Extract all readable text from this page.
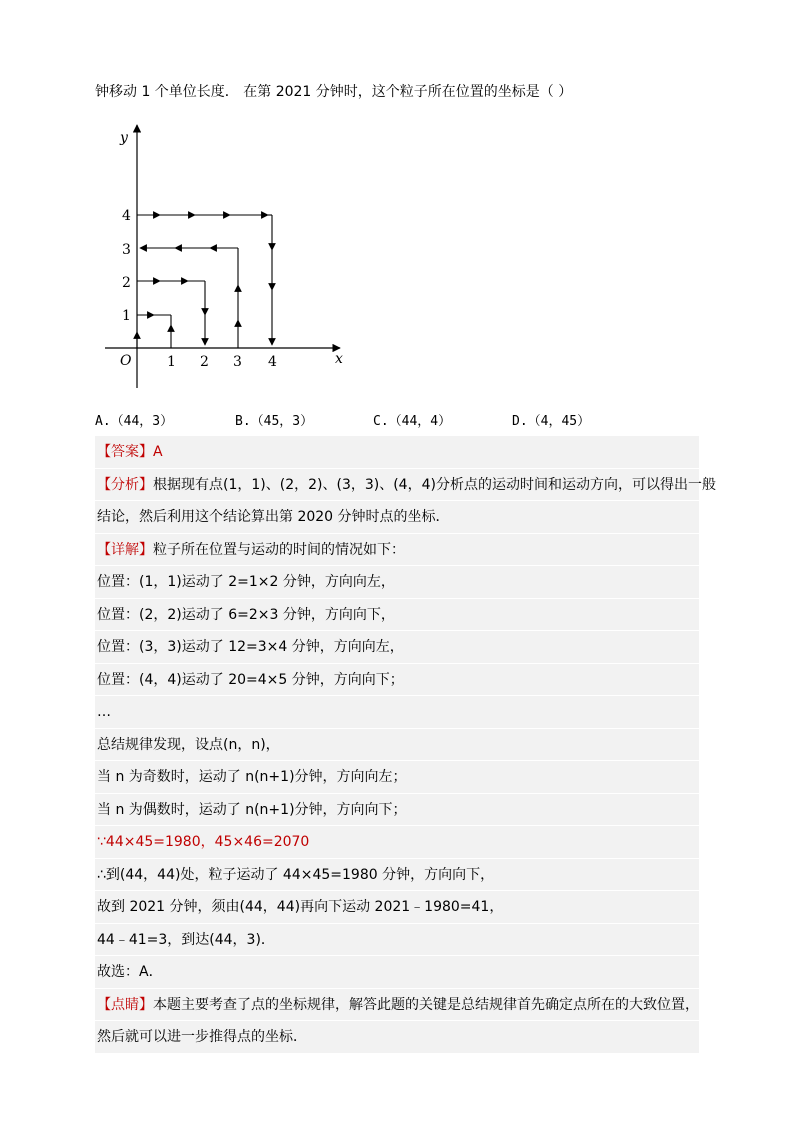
钟移动 1 个单位长度． 在第 2021 分钟时，这个粒子所在位置的坐标是（ ）
y
x
O	1 2 3 4
1
2
3
4
A.（44，3）	B.（45，3）	C.（44，4）	D.（4，45）
【答案】A
【分析】根据现有点(1，1)、(2，2)、(3，3)、(4，4)分析点的运动时间和运动方向，可以得出一般
结论，然后利用这个结论算出第 2020 分钟时点的坐标．
【详解】粒子所在位置与运动的时间的情况如下：
位置：(1，1)运动了 2=1×2 分钟，方向向左，
位置：(2，2)运动了 6=2×3 分钟，方向向下，
位置：(3，3)运动了 12=3×4 分钟，方向向左，
位置：(4，4)运动了 20=4×5 分钟，方向向下；
…
总结规律发现，设点(n，n)，
当 n 为奇数时，运动了 n(n+1)分钟，方向向左；
当 n 为偶数时，运动了 n(n+1)分钟，方向向下；
∵44×45=1980，45×46=2070
∴到(44，44)处，粒子运动了 44×45=1980 分钟，方向向下，
故到 2021 分钟，须由(44，44)再向下运动 2021﹣1980=41，
44﹣41=3，到达(44，3)．
故选：A．
【点睛】本题主要考查了点的坐标规律，解答此题的关键是总结规律首先确定点所在的大致位置，
然后就可以进一步推得点的坐标．
